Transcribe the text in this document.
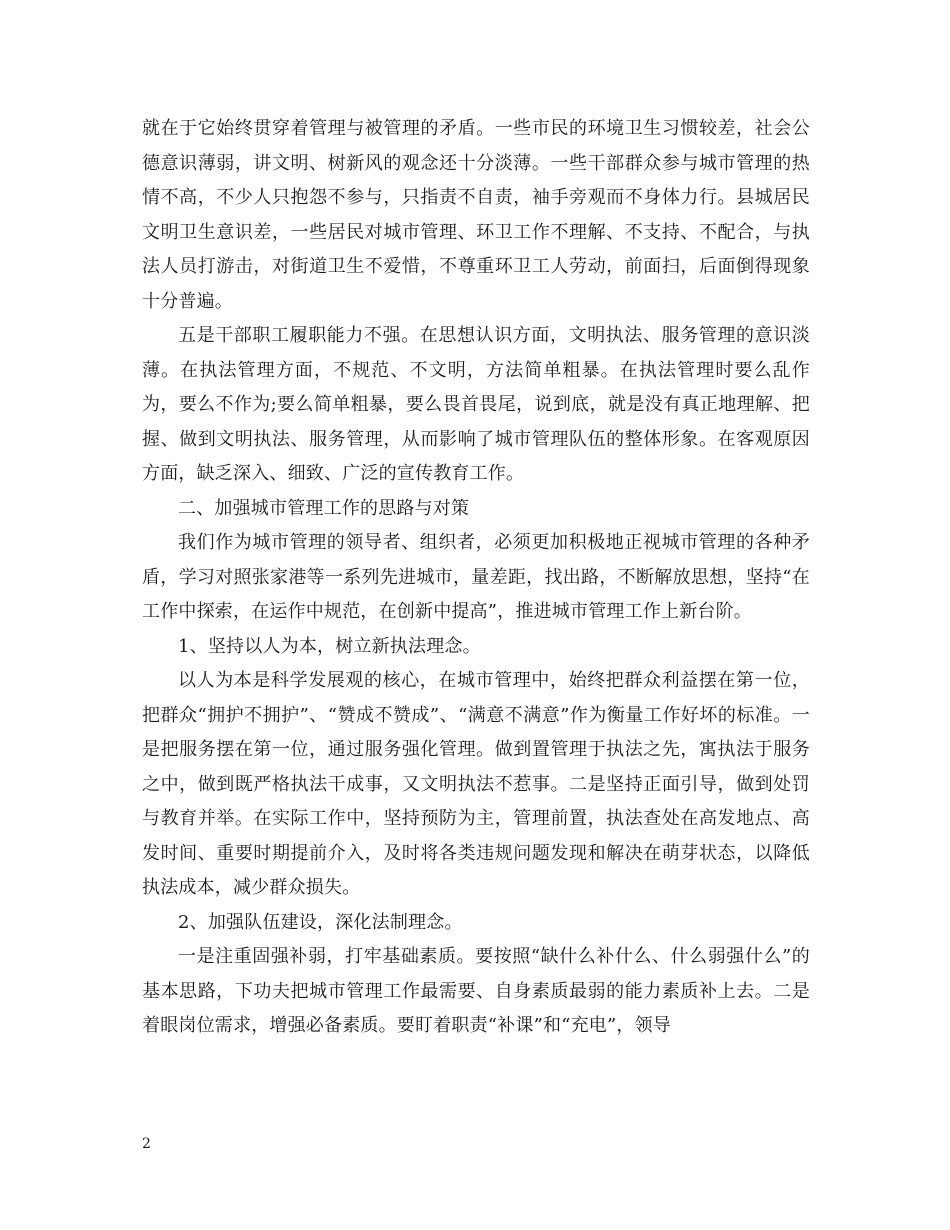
就在于它始终贯穿着管理与被管理的矛盾。一些市民的环境卫生习惯较差，社会公德意识薄弱，讲文明、树新风的观念还十分淡薄。一些干部群众参与城市管理的热情不高，不少人只抱怨不参与，只指责不自责，袖手旁观而不身体力行。县城居民文明卫生意识差，一些居民对城市管理、环卫工作不理解、不支持、不配合，与执法人员打游击，对街道卫生不爱惜，不尊重环卫工人劳动，前面扫，后面倒得现象十分普遍。

五是干部职工履职能力不强。在思想认识方面，文明执法、服务管理的意识淡薄。在执法管理方面，不规范、不文明，方法简单粗暴。在执法管理时要么乱作为，要么不作为;要么简单粗暴，要么畏首畏尾，说到底，就是没有真正地理解、把握、做到文明执法、服务管理，从而影响了城市管理队伍的整体形象。在客观原因方面，缺乏深入、细致、广泛的宣传教育工作。

二、加强城市管理工作的思路与对策

我们作为城市管理的领导者、组织者，必须更加积极地正视城市管理的各种矛盾，学习对照张家港等一系列先进城市，量差距，找出路，不断解放思想，坚持“在工作中探索，在运作中规范，在创新中提高”，推进城市管理工作上新台阶。

1、坚持以人为本，树立新执法理念。

以人为本是科学发展观的核心，在城市管理中，始终把群众利益摆在第一位，把群众“拥护不拥护”、“赞成不赞成”、“满意不满意”作为衡量工作好坏的标准。一是把服务摆在第一位，通过服务强化管理。做到置管理于执法之先，寓执法于服务之中，做到既严格执法干成事，又文明执法不惹事。二是坚持正面引导，做到处罚与教育并举。在实际工作中，坚持预防为主，管理前置，执法查处在高发地点、高发时间、重要时期提前介入，及时将各类违规问题发现和解决在萌芽状态，以降低执法成本，减少群众损失。

2、加强队伍建设，深化法制理念。

一是注重固强补弱，打牢基础素质。要按照“缺什么补什么、什么弱强什么”的基本思路，下功夫把城市管理工作最需要、自身素质最弱的能力素质补上去。二是着眼岗位需求，增强必备素质。要盯着职责“补课”和“充电”，领导

2
